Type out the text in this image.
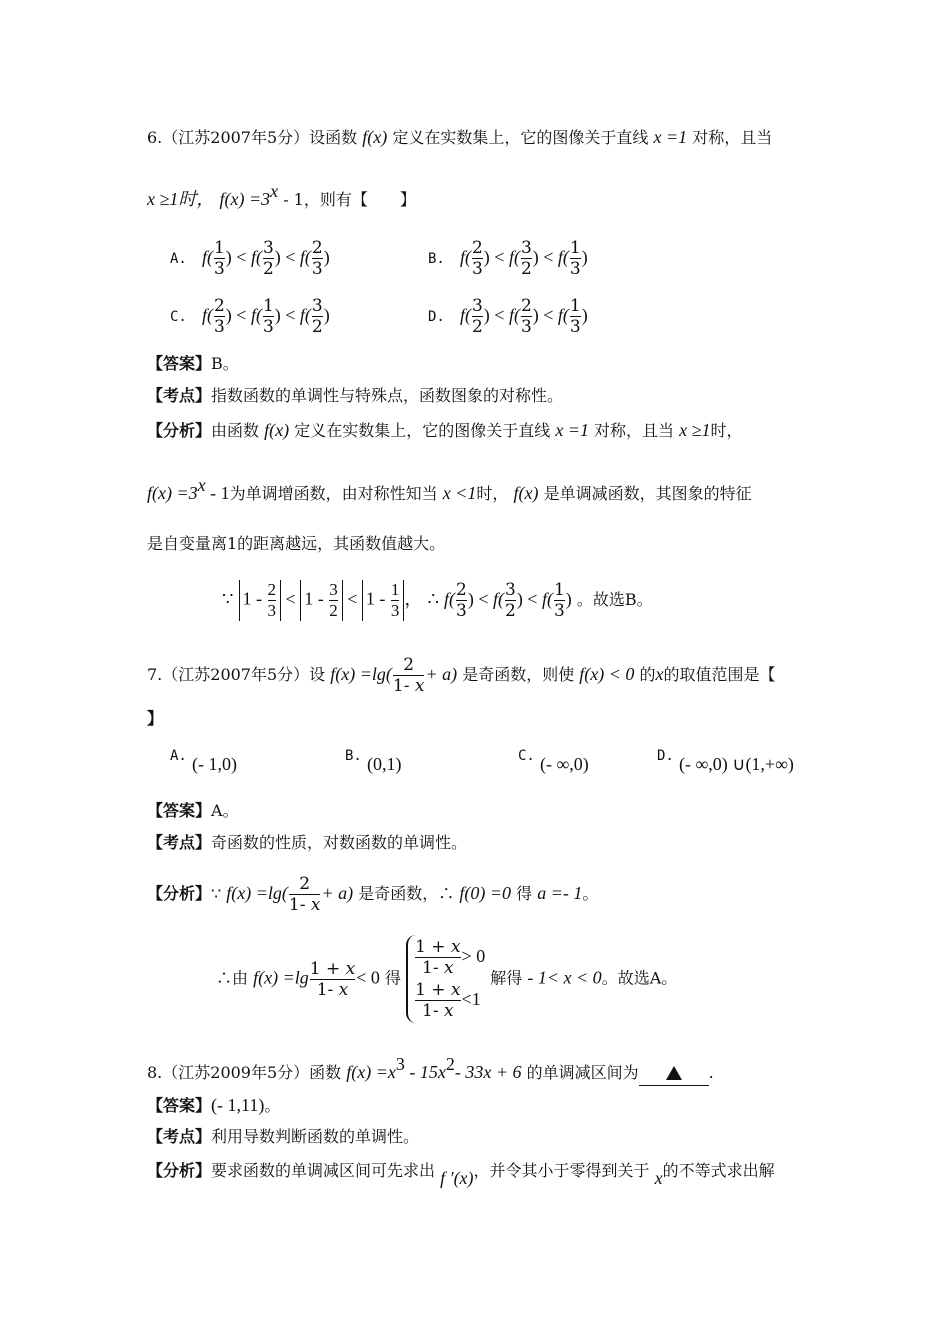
6.（江苏2007年5分）设函数 f(x) 定义在实数集上，它的图像关于直线 x =1 对称，且当
x ≥1时， $f(x) =3^x - 1$，则有【　　】
A. $f( \frac{1}{3}$ ) < $f( \frac{3}{2}$ ) < $f( \frac{2}{3}$ )	B. $f( \frac{2}{3}$ ) < $f( \frac{3}{2}$ ) < $f( \frac{1}{3}$ )
C. $f( \frac{2}{3}$ ) < $f( \frac{1}{3}$ ) < $f( \frac{3}{2}$ )	D. $f( \frac{3}{2}$ ) < $f( \frac{2}{3}$ ) < $f( \frac{1}{3}$ )
【答案】B。
【考点】指数函数的单调性与特殊点，函数图象的对称性。
【分析】由函数 f(x) 定义在实数集上，它的图像关于直线 x =1 对称，且当 x ≥1时，
$f(x) =3^x - 1$为单调增函数，由对称性知当 x <1时， f(x) 是单调减函数，其图象的特征
是自变量离1的距离越远，其函数值越大。
∵ $1 - \frac{2}{3} < 1 - \frac{3}{2} < 1 - \frac{1}{3}$ ， ∴ $f( \frac{2}{3}$ ) < $f( \frac{3}{2}$ ) < $f( \frac{1}{3}$ ) 。故选B。
7.（江苏2007年5分）设 $f(x) =\lg( \frac{2}{1- x} + a)$ 是奇函数，则使 f(x) < 0 的x的取值范围是【
】
A. (- 1,0)	B. (0,1)	C. (- ∞,0)	D. (- ∞,0) ∪(1,+∞)
【答案】A。
【考点】奇函数的性质，对数函数的单调性。
【分析】∵ $f(x) =\lg( \frac{2}{1- x} + a)$ 是奇函数，∴ f(0) =0 得 a =- 1。
∴由 $f(x) =\lg \frac{1 + x}{1- x} < 0$ 得 $\frac{1 + x}{1- x} > 0$
$\frac{1 + x}{1- x} <1$
解得 - 1< x < 0。故选A。
8.（江苏2009年5分）函数 $f(x) =x^3 - 15x^2-$ 33x + 6 的单调减区间为	.
【答案】(- 1,11)。
【考点】利用导数判断函数的单调性。
【分析】要求函数的单调减区间可先求出 f ′(x)，并令其小于零得到关于 x的不等式求出解
